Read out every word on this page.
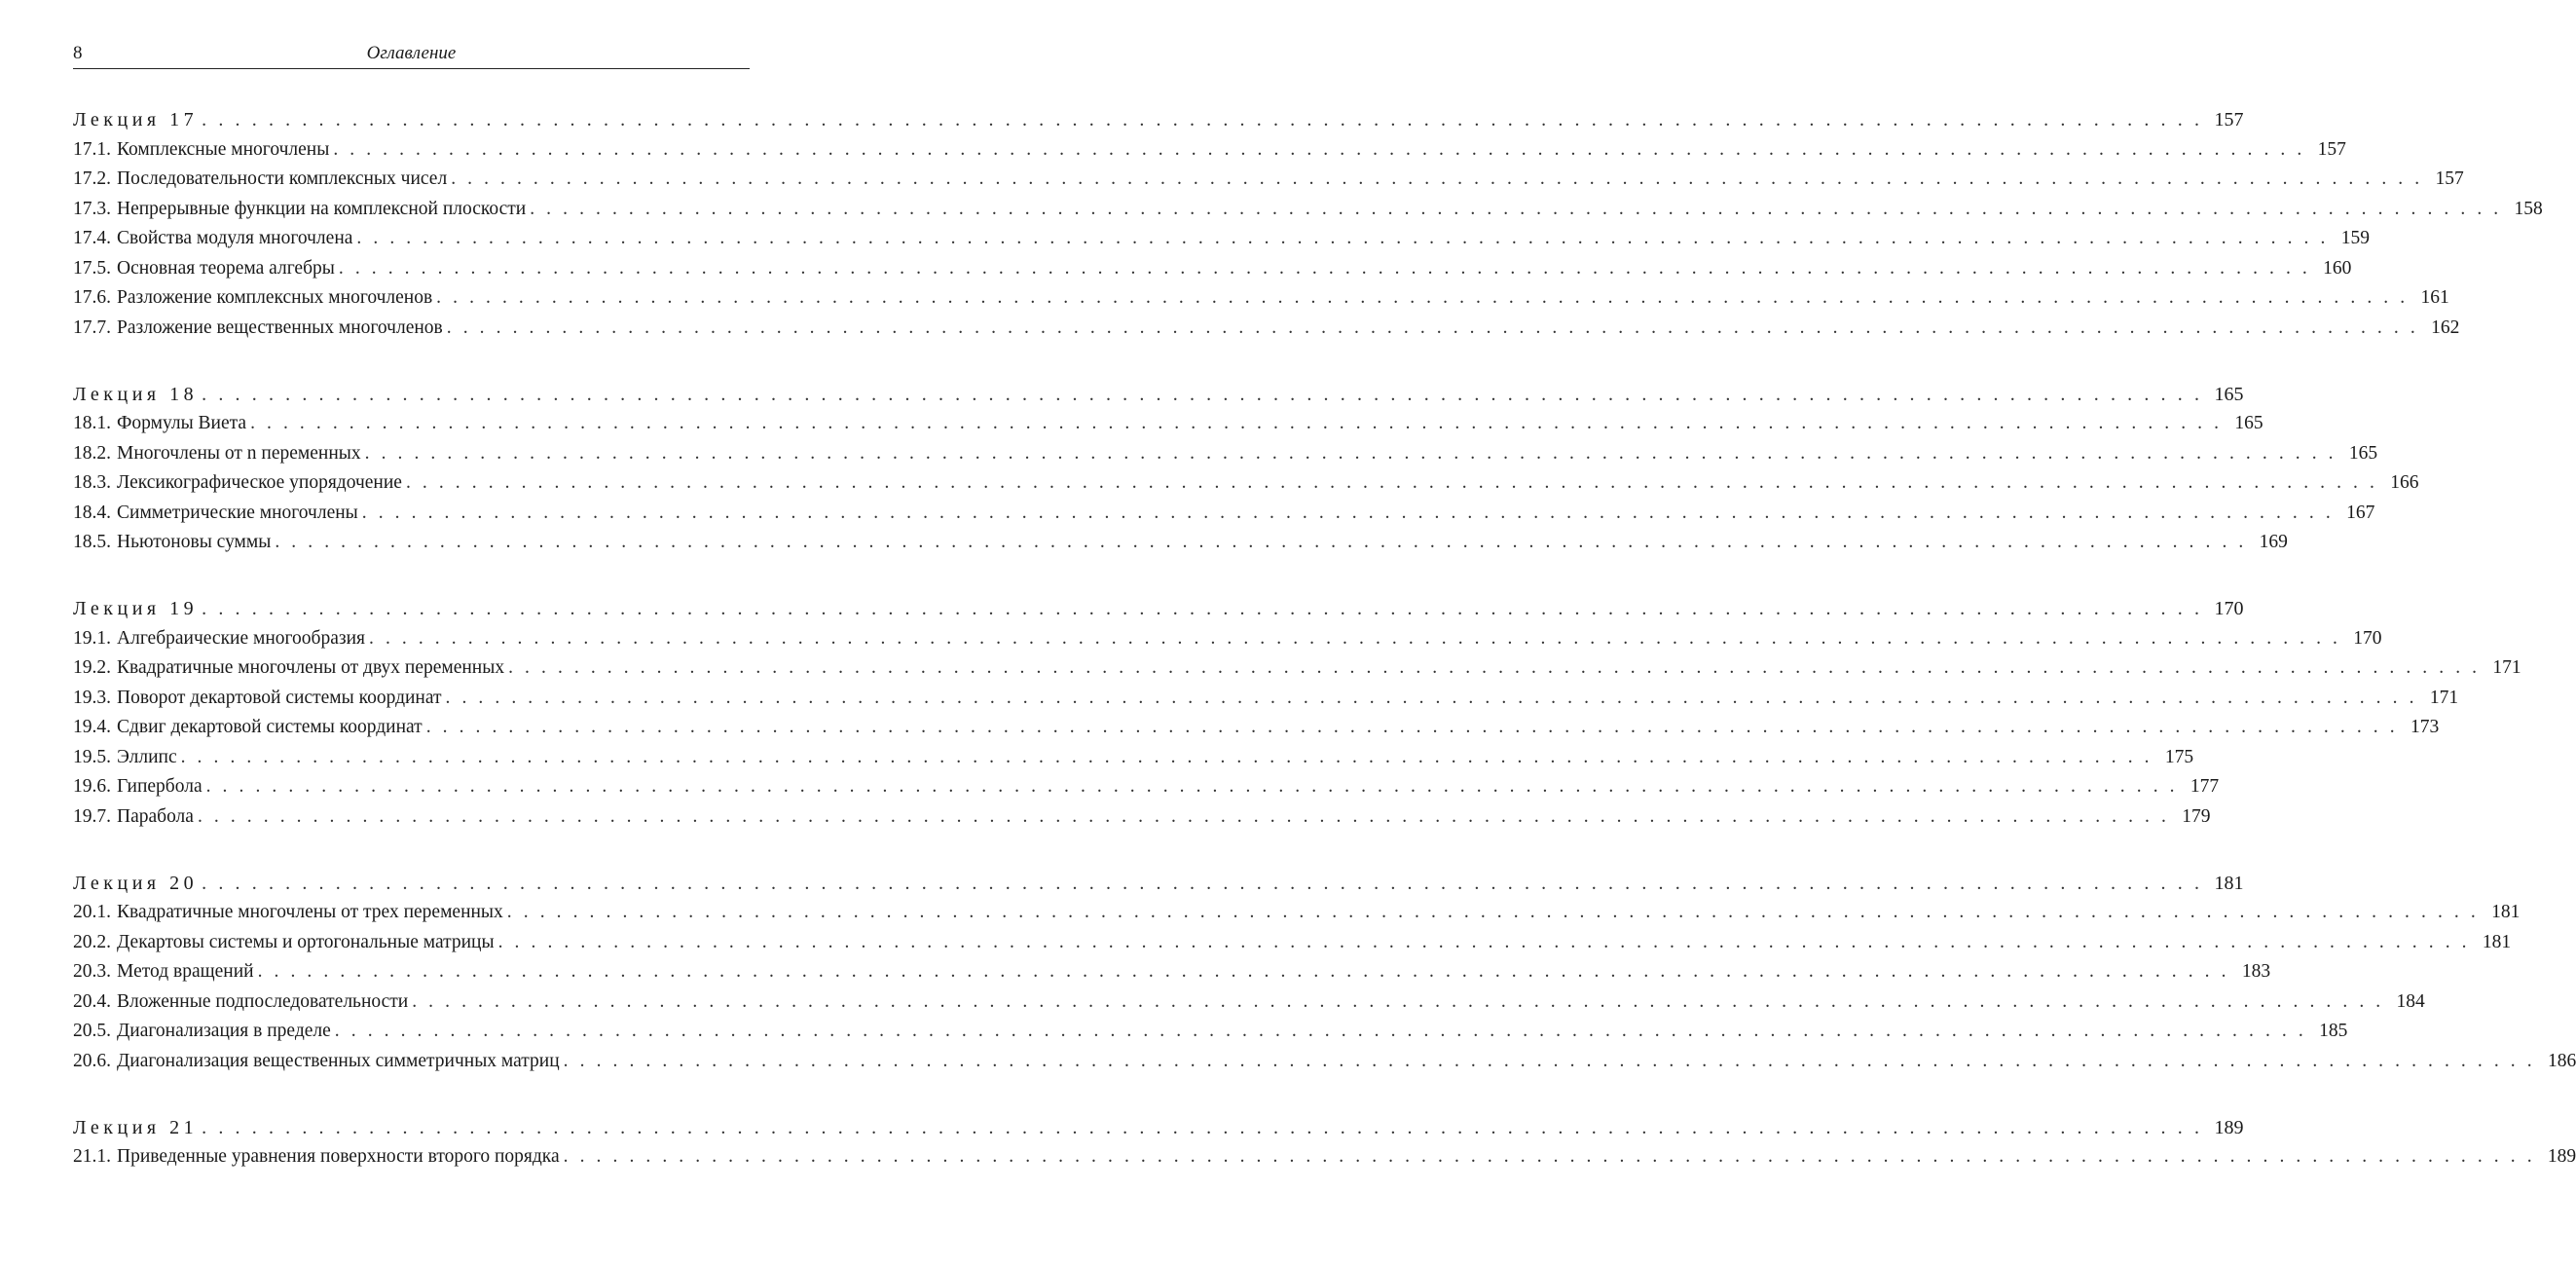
8	Оглавление
Лекция 17 . . . . . . . . . . . . . . . . . . . . . . . . . . . . . . . . . . . . . . . . . . . . . . . . . . . . . . . . . . . . . . . . . . . . . . . . . . . . . . . . . . . . . . . . . . . . . . . . . . . . . . . . . . . . . . . . . . . . . . . . 157
17.1. Комплексные многочлены . . . . . . . . . . . . . . . . . . . . . . . . . . . . . . . . . . . . . . . . . . . . . . . . . . . . . . . . . . . . . . . . . . . . . . . . . . . . . . . . . . . . . . . . . . . . . . . . . . . . . . . . . . . . . . . . . . . . . . . . 157
17.2. Последовательности комплексных чисел . . . . . . . . . . . . . . . . . . . . . . . . . . . . . . . . . . . . . . . . . . . . . . . . . . . . . . . . . . . . . . . . . . . . . . . . . . . . . . . . . . . . . . . . . . . . . . . . . . . . . . . . . . . . . . . . . . . . . . . . 157
17.3. Непрерывные функции на комплексной плоскости . . . . . . . . . . . . . . . . . . . . . . . . . . . . . . . . . . . . . . . . . . . . . . . . . . . . . . . . . . . . . . . . . . . . . . . . . . . . . . . . . . . . . . . . . . . . . . . . . . . . . . . . . . . . . . . . . . . . . . . . 158
17.4. Свойства модуля многочлена . . . . . . . . . . . . . . . . . . . . . . . . . . . . . . . . . . . . . . . . . . . . . . . . . . . . . . . . . . . . . . . . . . . . . . . . . . . . . . . . . . . . . . . . . . . . . . . . . . . . . . . . . . . . . . . . . . . . . . . . 159
17.5. Основная теорема алгебры . . . . . . . . . . . . . . . . . . . . . . . . . . . . . . . . . . . . . . . . . . . . . . . . . . . . . . . . . . . . . . . . . . . . . . . . . . . . . . . . . . . . . . . . . . . . . . . . . . . . . . . . . . . . . . . . . . . . . . . . 160
17.6. Разложение комплексных многочленов . . . . . . . . . . . . . . . . . . . . . . . . . . . . . . . . . . . . . . . . . . . . . . . . . . . . . . . . . . . . . . . . . . . . . . . . . . . . . . . . . . . . . . . . . . . . . . . . . . . . . . . . . . . . . . . . . . . . . . . . 161
17.7. Разложение вещественных многочленов . . . . . . . . . . . . . . . . . . . . . . . . . . . . . . . . . . . . . . . . . . . . . . . . . . . . . . . . . . . . . . . . . . . . . . . . . . . . . . . . . . . . . . . . . . . . . . . . . . . . . . . . . . . . . . . . . . . . . . . . 162
Лекция 18 . . . . . . . . . . . . . . . . . . . . . . . . . . . . . . . . . . . . . . . . . . . . . . . . . . . . . . . . . . . . . . . . . . . . . . . . . . . . . . . . . . . . . . . . . . . . . . . . . . . . . . . . . . . . . . . . . . . . . . . . 165
18.1. Формулы Виета . . . . . . . . . . . . . . . . . . . . . . . . . . . . . . . . . . . . . . . . . . . . . . . . . . . . . . . . . . . . . . . . . . . . . . . . . . . . . . . . . . . . . . . . . . . . . . . . . . . . . . . . . . . . . . . . . . . . . . . . 165
18.2. Многочлены от n переменных . . . . . . . . . . . . . . . . . . . . . . . . . . . . . . . . . . . . . . . . . . . . . . . . . . . . . . . . . . . . . . . . . . . . . . . . . . . . . . . . . . . . . . . . . . . . . . . . . . . . . . . . . . . . . . . . . . . . . . . . 165
18.3. Лексикографическое упорядочение . . . . . . . . . . . . . . . . . . . . . . . . . . . . . . . . . . . . . . . . . . . . . . . . . . . . . . . . . . . . . . . . . . . . . . . . . . . . . . . . . . . . . . . . . . . . . . . . . . . . . . . . . . . . . . . . . . . . . . . . 166
18.4. Симметрические многочлены . . . . . . . . . . . . . . . . . . . . . . . . . . . . . . . . . . . . . . . . . . . . . . . . . . . . . . . . . . . . . . . . . . . . . . . . . . . . . . . . . . . . . . . . . . . . . . . . . . . . . . . . . . . . . . . . . . . . . . . . 167
18.5. Ньютоновы суммы . . . . . . . . . . . . . . . . . . . . . . . . . . . . . . . . . . . . . . . . . . . . . . . . . . . . . . . . . . . . . . . . . . . . . . . . . . . . . . . . . . . . . . . . . . . . . . . . . . . . . . . . . . . . . . . . . . . . . . . . 169
Лекция 19 . . . . . . . . . . . . . . . . . . . . . . . . . . . . . . . . . . . . . . . . . . . . . . . . . . . . . . . . . . . . . . . . . . . . . . . . . . . . . . . . . . . . . . . . . . . . . . . . . . . . . . . . . . . . . . . . . . . . . . . . 170
19.1. Алгебраические многообразия . . . . . . . . . . . . . . . . . . . . . . . . . . . . . . . . . . . . . . . . . . . . . . . . . . . . . . . . . . . . . . . . . . . . . . . . . . . . . . . . . . . . . . . . . . . . . . . . . . . . . . . . . . . . . . . . . . . . . . . . 170
19.2. Квадратичные многочлены от двух переменных . . . . . . . . . . . . . . . . . . . . . . . . . . . . . . . . . . . . . . . . . . . . . . . . . . . . . . . . . . . . . . . . . . . . . . . . . . . . . . . . . . . . . . . . . . . . . . . . . . . . . . . . . . . . . . . . . . . . . . . . 171
19.3. Поворот декартовой системы координат . . . . . . . . . . . . . . . . . . . . . . . . . . . . . . . . . . . . . . . . . . . . . . . . . . . . . . . . . . . . . . . . . . . . . . . . . . . . . . . . . . . . . . . . . . . . . . . . . . . . . . . . . . . . . . . . . . . . . . . . 171
19.4. Сдвиг декартовой системы координат . . . . . . . . . . . . . . . . . . . . . . . . . . . . . . . . . . . . . . . . . . . . . . . . . . . . . . . . . . . . . . . . . . . . . . . . . . . . . . . . . . . . . . . . . . . . . . . . . . . . . . . . . . . . . . . . . . . . . . . . 173
19.5. Эллипс . . . . . . . . . . . . . . . . . . . . . . . . . . . . . . . . . . . . . . . . . . . . . . . . . . . . . . . . . . . . . . . . . . . . . . . . . . . . . . . . . . . . . . . . . . . . . . . . . . . . . . . . . . . . . . . . . . . . . . . . 175
19.6. Гипербола . . . . . . . . . . . . . . . . . . . . . . . . . . . . . . . . . . . . . . . . . . . . . . . . . . . . . . . . . . . . . . . . . . . . . . . . . . . . . . . . . . . . . . . . . . . . . . . . . . . . . . . . . . . . . . . . . . . . . . . . 177
19.7. Парабола . . . . . . . . . . . . . . . . . . . . . . . . . . . . . . . . . . . . . . . . . . . . . . . . . . . . . . . . . . . . . . . . . . . . . . . . . . . . . . . . . . . . . . . . . . . . . . . . . . . . . . . . . . . . . . . . . . . . . . . . 179
Лекция 20 . . . . . . . . . . . . . . . . . . . . . . . . . . . . . . . . . . . . . . . . . . . . . . . . . . . . . . . . . . . . . . . . . . . . . . . . . . . . . . . . . . . . . . . . . . . . . . . . . . . . . . . . . . . . . . . . . . . . . . . . 181
20.1. Квадратичные многочлены от трех переменных . . . . . . . . . . . . . . . . . . . . . . . . . . . . . . . . . . . . . . . . . . . . . . . . . . . . . . . . . . . . . . . . . . . . . . . . . . . . . . . . . . . . . . . . . . . . . . . . . . . . . . . . . . . . . . . . . . . . . . . . 181
20.2. Декартовы системы и ортогональные матрицы . . . . . . . . . . . . . . . . . . . . . . . . . . . . . . . . . . . . . . . . . . . . . . . . . . . . . . . . . . . . . . . . . . . . . . . . . . . . . . . . . . . . . . . . . . . . . . . . . . . . . . . . . . . . . . . . . . . . . . . . 181
20.3. Метод вращений . . . . . . . . . . . . . . . . . . . . . . . . . . . . . . . . . . . . . . . . . . . . . . . . . . . . . . . . . . . . . . . . . . . . . . . . . . . . . . . . . . . . . . . . . . . . . . . . . . . . . . . . . . . . . . . . . . . . . . . . 183
20.4. Вложенные подпоследовательности . . . . . . . . . . . . . . . . . . . . . . . . . . . . . . . . . . . . . . . . . . . . . . . . . . . . . . . . . . . . . . . . . . . . . . . . . . . . . . . . . . . . . . . . . . . . . . . . . . . . . . . . . . . . . . . . . . . . . . . . 184
20.5. Диагонализация в пределе . . . . . . . . . . . . . . . . . . . . . . . . . . . . . . . . . . . . . . . . . . . . . . . . . . . . . . . . . . . . . . . . . . . . . . . . . . . . . . . . . . . . . . . . . . . . . . . . . . . . . . . . . . . . . . . . . . . . . . . . 185
20.6. Диагонализация вещественных симметричных матриц . . . . . . . . . . . . . . . . . . . . . . . . . . . . . . . . . . . . . . . . . . . . . . . . . . . . . . . . . . . . . . . . . . . . . . . . . . . . . . . . . . . . . . . . . . . . . . . . . . . . . . . . . . . . . . . . . . . . . . . . 186
Лекция 21 . . . . . . . . . . . . . . . . . . . . . . . . . . . . . . . . . . . . . . . . . . . . . . . . . . . . . . . . . . . . . . . . . . . . . . . . . . . . . . . . . . . . . . . . . . . . . . . . . . . . . . . . . . . . . . . . . . . . . . . . 189
21.1. Приведенные уравнения поверхности второго порядка . . . . . . . . . . . . . . . . . . . . . . . . . . . . . . . . . . . . . . . . . . . . . . . . . . . . . . . . . . . . . . . . . . . . . . . . . . . . . . . . . . . . . . . . . . . . . . . . . . . . . . . . . . . . . . . . . . . . . . . . 189
